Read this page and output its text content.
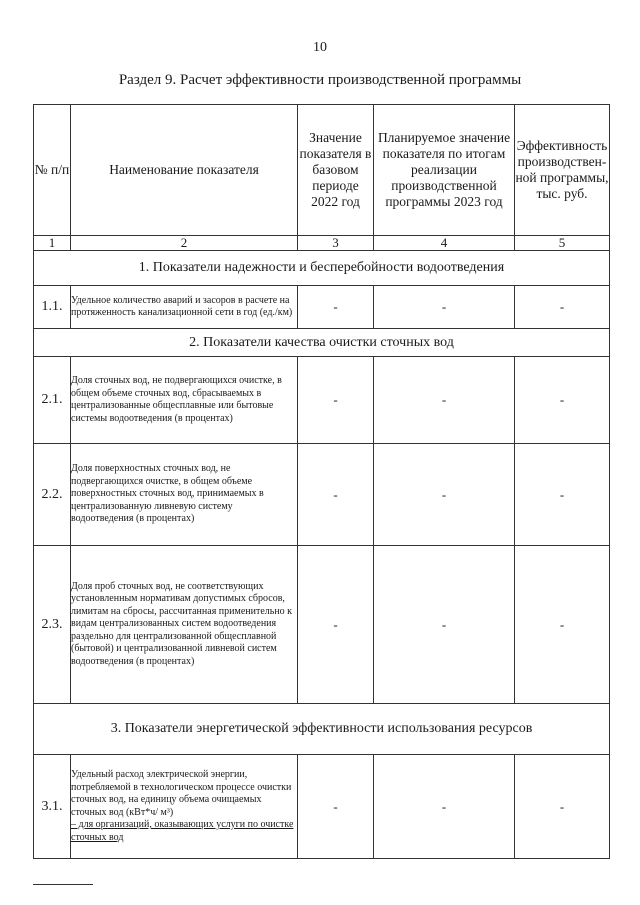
10
Раздел 9. Расчет эффективности производственной программы
№ п/п	Наименование показателя	Значение показателя в базовом периоде 2022 год	Планируемое значение показателя по итогам реализации производственной программы 2023 год	Эффективность производствен-ной программы, тыс. руб.
1	2	3	4	5
1. Показатели надежности и бесперебойности водоотведения				
1.1.	Удельное количество аварий и засоров в расчете на протяженность канализационной сети в год (ед./км)	-	-	-
2. Показатели качества очистки сточных вод				
2.1.	Доля сточных вод, не подвергающихся очистке, в общем объеме сточных вод, сбрасываемых в централизованные общесплавные или бытовые системы водоотведения (в процентах)	-	-	-
2.2.	Доля поверхностных сточных вод, не подвергающихся очистке, в общем объеме поверхностных сточных вод, принимаемых в централизованную ливневую систему водоотведения (в процентах)	-	-	-
2.3.	Доля проб сточных вод, не соответствующих установленным нормативам допустимых сбросов, лимитам на сбросы, рассчитанная применительно к видам централизованных систем водоотведения раздельно для централизованной общесплавной (бытовой) и централизованной ливневой систем водоотведения (в процентах)	-	-	-
3. Показатели энергетической эффективности использования ресурсов				
3.1.	Удельный расход электрической энергии, потребляемой в технологическом процессе очистки сточных вод, на единицу объема очищаемых сточных вод (кВт*ч/ м³)
– для организаций, оказывающих услуги по очистке сточных вод	-	-	-
